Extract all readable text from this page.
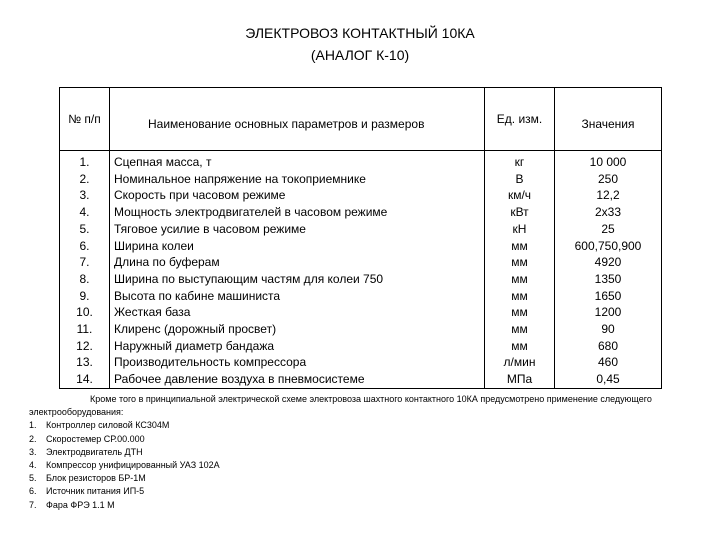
ЭЛЕКТРОВОЗ КОНТАКТНЫЙ 10КА
(АНАЛОГ К-10)
№ п/п	Наименование основных параметров и размеров	Ед. изм.	Значения
1.	Сцепная масса, т	кг	10 000
2.	Номинальное напряжение на токоприемнике	В	250
3.	Скорость при часовом режиме	км/ч	12,2
4.	Мощность электродвигателей в часовом режиме	кВт	2х33
5.	Тяговое усилие в часовом режиме	кН	25
6.	Ширина колеи	мм	600,750,900
7.	Длина по буферам	мм	4920
8.	Ширина по выступающим частям для колеи 750	мм	1350
9.	Высота по кабине машиниста	мм	1650
10.	Жесткая база	мм	1200
11.	Клиренс (дорожный просвет)	мм	90
12.	Наружный диаметр бандажа	мм	680
13.	Производительность компрессора	л/мин	460
14.	Рабочее давление воздуха в пневмосистеме	МПа	0,45
Кроме того в принципиальной электрической схеме электровоза шахтного контактного 10КА предусмотрено применение следующего электрооборудования:
1. Контроллер силовой КС304М
2. Скоростемер СР.00.000
3. Электродвигатель ДТН
4. Компрессор унифицированный УАЗ 102А
5. Блок резисторов БР-1М
6. Источник питания ИП-5
7. Фара ФРЭ 1.1 М
